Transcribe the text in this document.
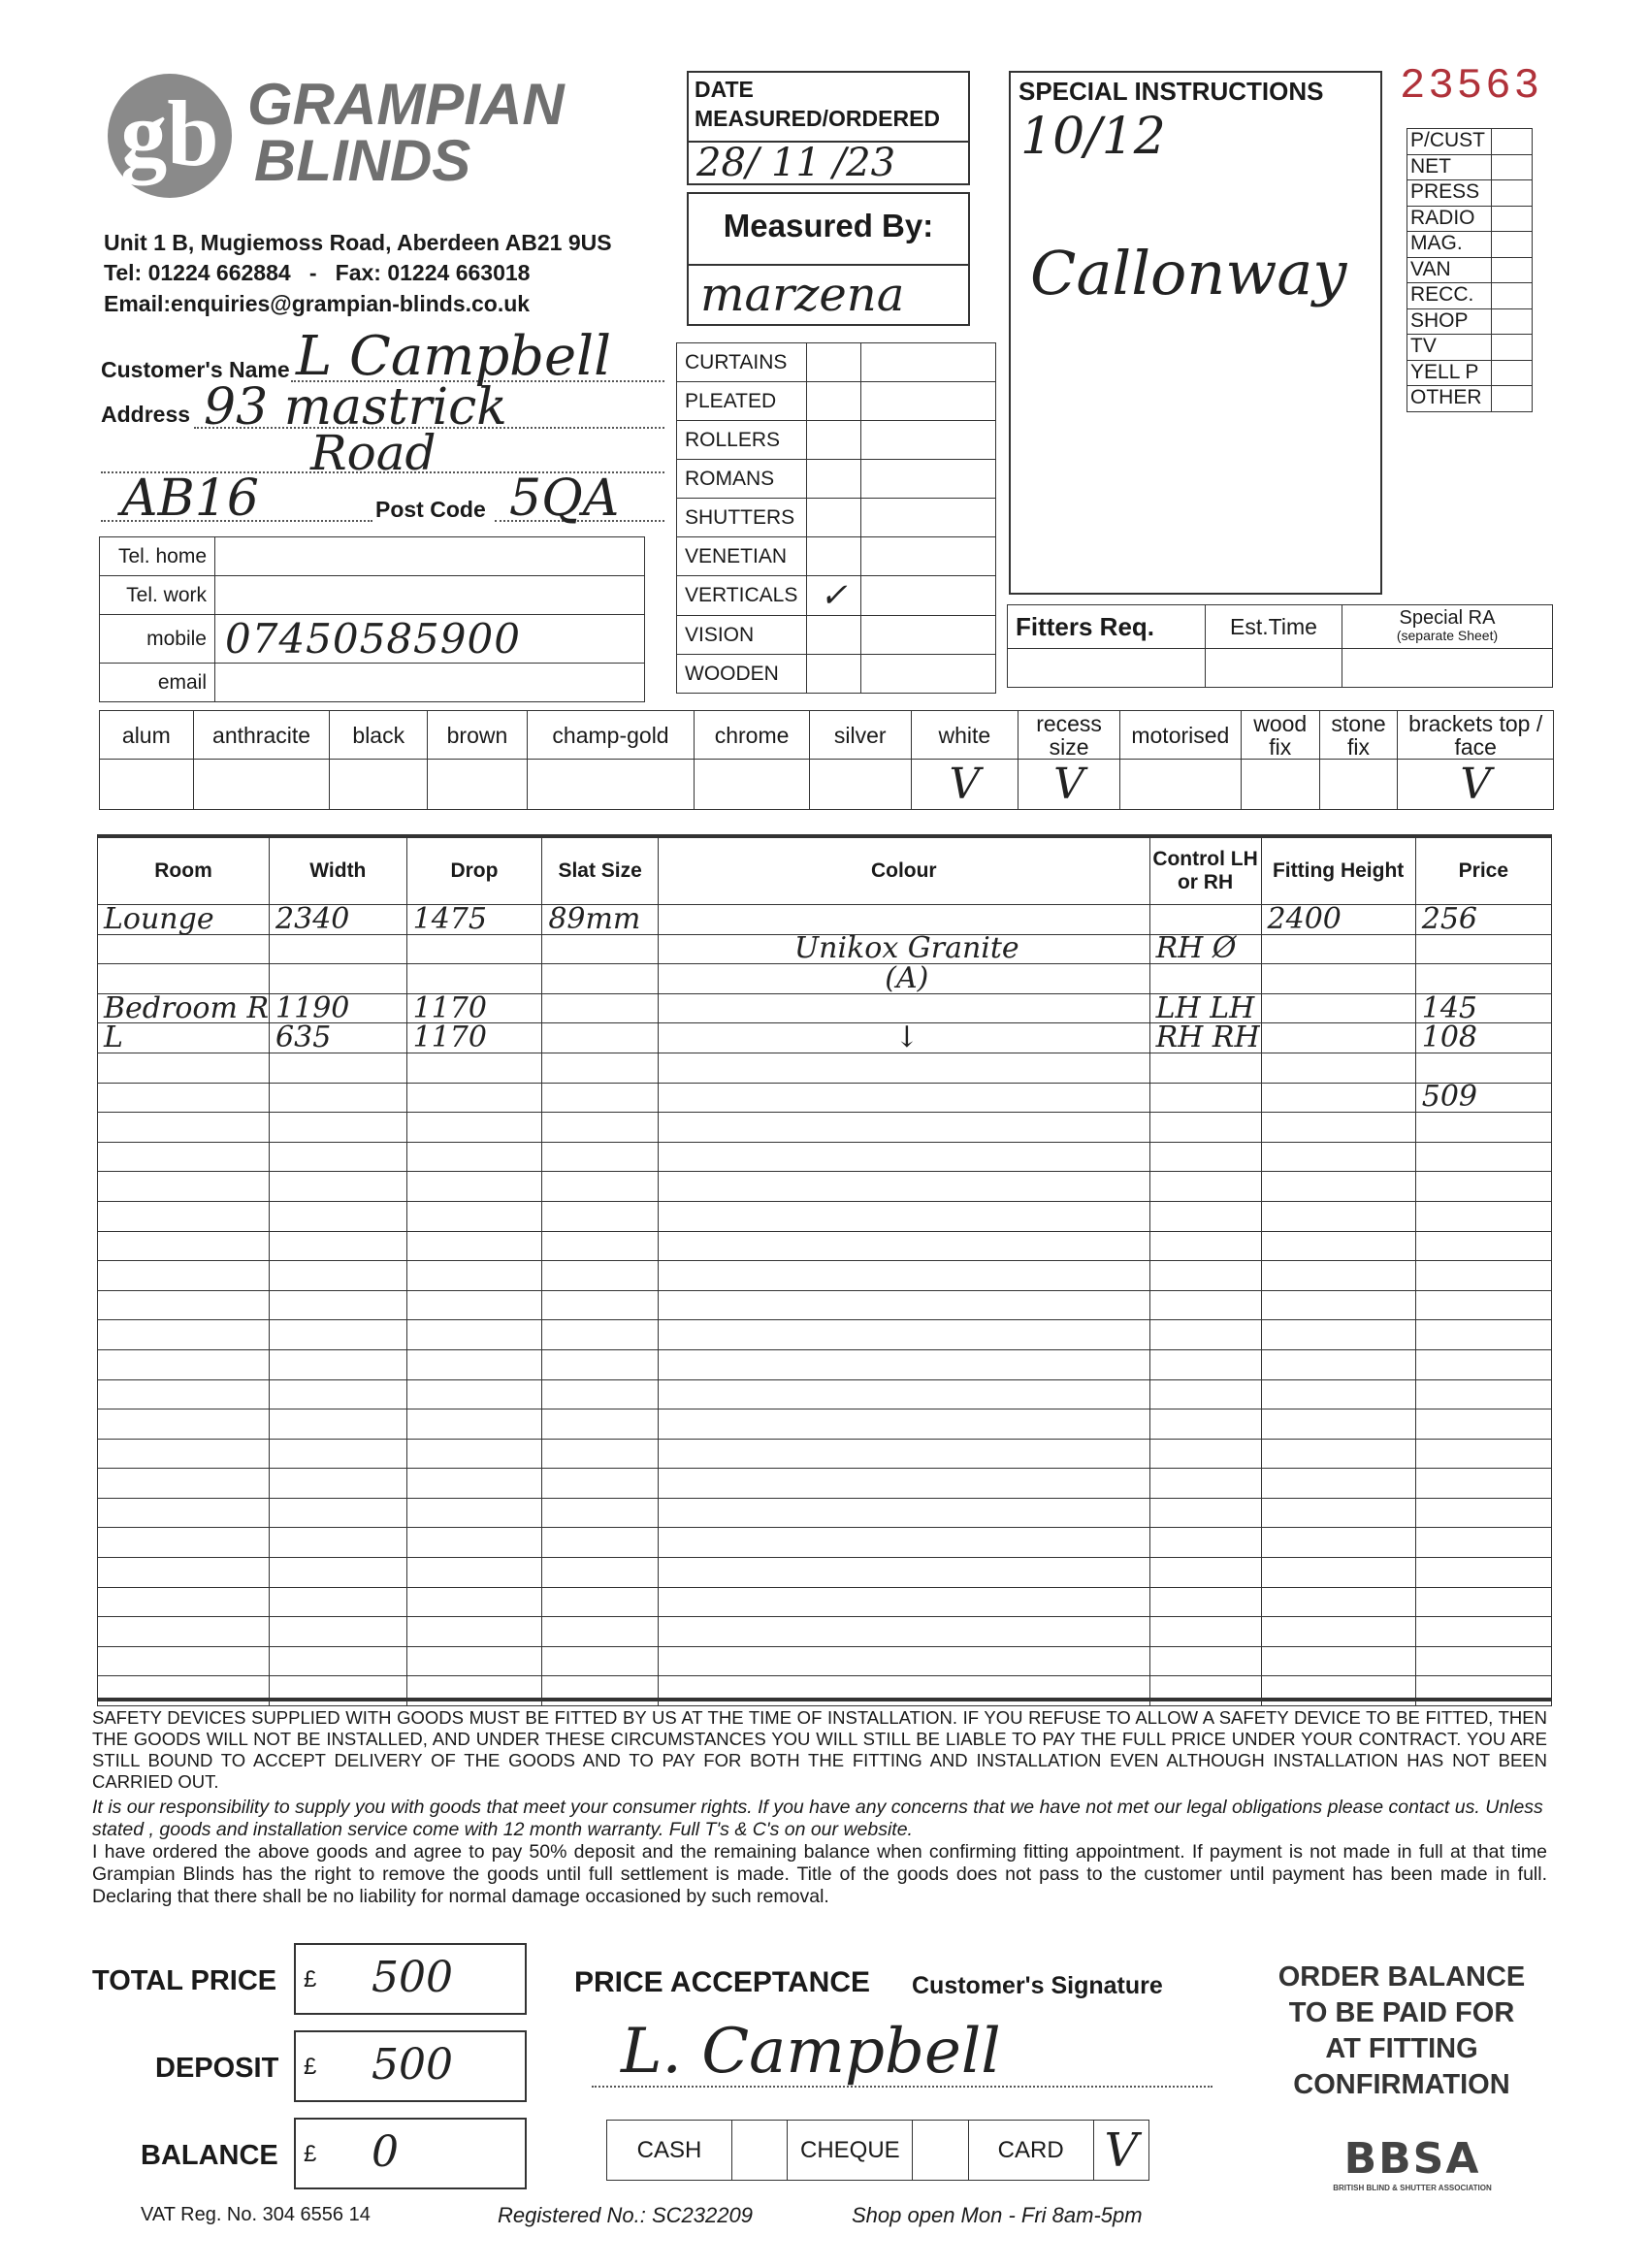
gb GRAMPIAN
BLINDS
Unit 1 B, Mugiemoss Road, Aberdeen AB21 9US
Tel: 01224 662884   -   Fax: 01224 663018
Email:enquiries@grampian-blinds.co.uk
DATE
MEASURED/ORDERED
28/ 11 /23
Measured By:
marzena
SPECIAL INSTRUCTIONS
10/12
Callonway
23563
P/CUST	
NET	
PRESS	
RADIO	
MAG.	
VAN	
RECC.	
SHOP	
TV	
YELL P	
OTHER	
Customer's Name L Campbell
Address 93 mastrick
Road
AB16	Post Code 5QA
Tel. home	
Tel. work	
mobile	07450585900
email	
CURTAINS		
PLEATED		
ROLLERS		
ROMANS		
SHUTTERS		
VENETIAN		
VERTICALS	✓	
VISION		
WOODEN		
Fitters Req.	Est.Time	Special RA
(separate Sheet)

alum	anthracite	black	brown	champ-gold	chrome	silver	white	recess size	motorised	wood fix	stone fix	brackets top / face
							V	V				V
Room	Width	Drop	Slat Size	Colour	Control LH or RH	Fitting Height	Price
Lounge	2340	1475	89mm			2400	256
				Unikox Granite	RH Ø		
				(A)			
Bedroom R	1190	1170			LH LH		145
L	635	1170		↓	RH RH		108

							509

SAFETY DEVICES SUPPLIED WITH GOODS MUST BE FITTED BY US AT THE TIME OF INSTALLATION. IF YOU REFUSE TO ALLOW A SAFETY DEVICE TO BE FITTED, THEN THE GOODS WILL NOT BE INSTALLED, AND UNDER THESE CIRCUMSTANCES YOU WILL STILL BE LIABLE TO PAY THE FULL PRICE UNDER YOUR CONTRACT. YOU ARE STILL BOUND TO ACCEPT DELIVERY OF THE GOODS AND TO PAY FOR BOTH THE FITTING AND INSTALLATION EVEN ALTHOUGH INSTALLATION HAS NOT BEEN CARRIED OUT.
It is our responsibility to supply you with goods that meet your consumer rights. If you have any concerns that we have not met our legal obligations please contact us. Unless stated , goods and installation service come with 12 month warranty. Full T's & C's on our website.
I have ordered the above goods and agree to pay 50% deposit and the remaining balance when confirming fitting appointment. If payment is not made in full at that time Grampian Blinds has the right to remove the goods until full settlement is made. Title of the goods does not pass to the customer until payment has been made in full. Declaring that there shall be no liability for normal damage occasioned by such removal.
TOTAL PRICE £ 500
DEPOSIT £ 500
BALANCE £ 0
PRICE ACCEPTANCE Customer's Signature
L. Campbell
CASH		CHEQUE		CARD	V
ORDER BALANCE
TO BE PAID FOR
AT FITTING
CONFIRMATION
BBSA
BRITISH BLIND & SHUTTER ASSOCIATION
VAT Reg. No. 304 6556 14	Registered No.: SC232209	Shop open Mon - Fri 8am-5pm
